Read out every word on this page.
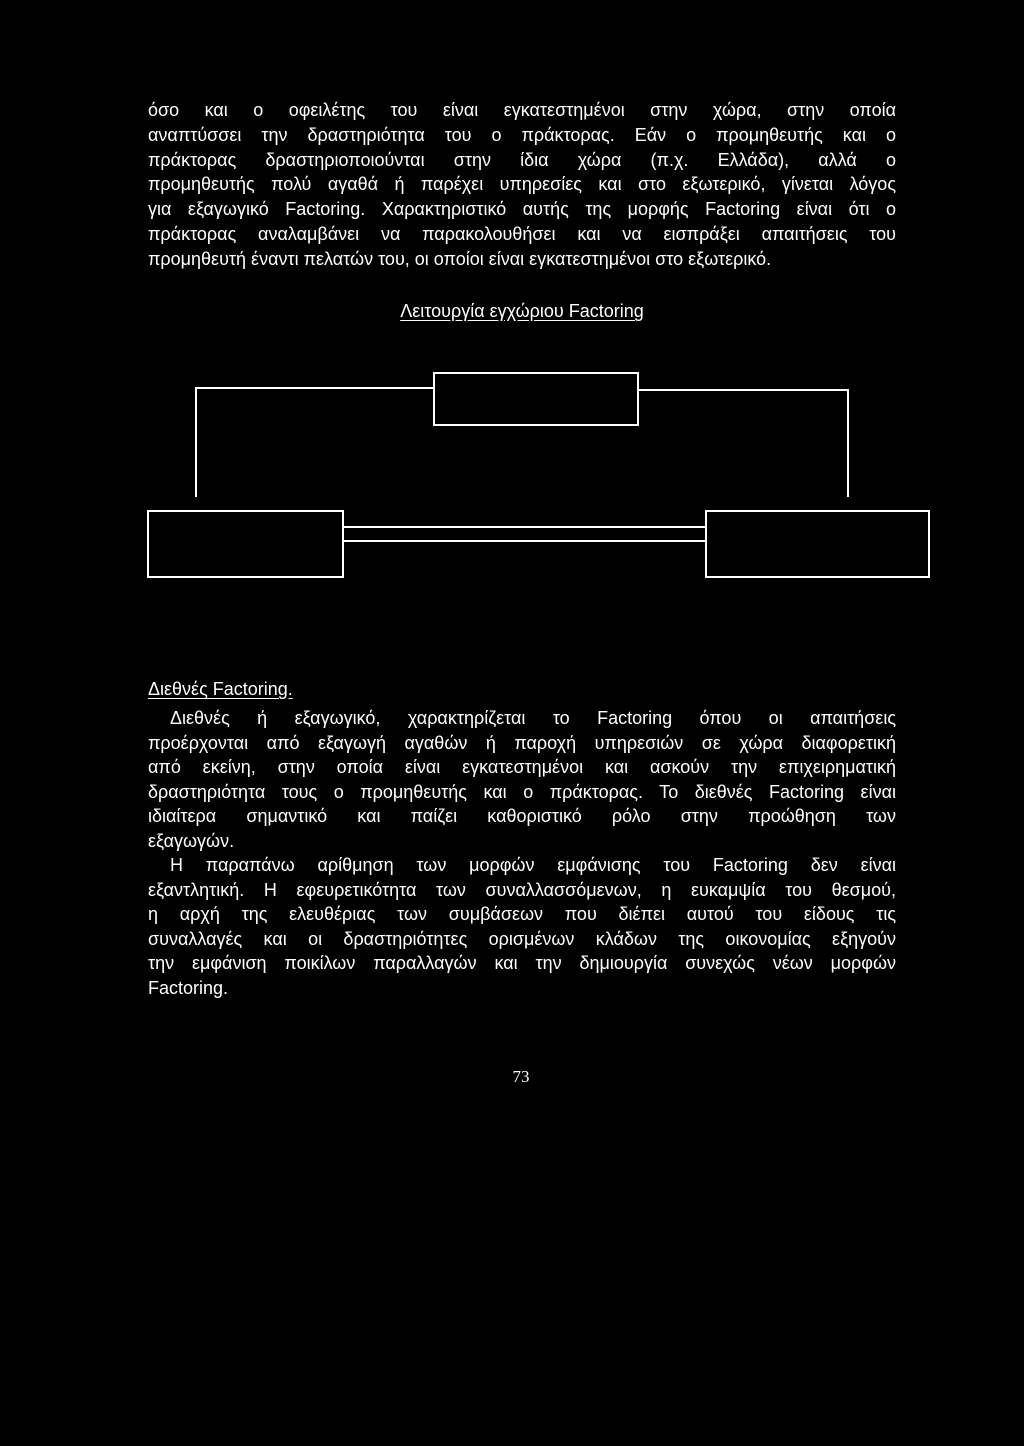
όσο και ο οφειλέτης του είναι εγκατεστημένοι στην χώρα, στην οποία
αναπτύσσει την δραστηριότητα του ο πράκτορας. Εάν ο προμηθευτής και ο
πράκτορας δραστηριοποιούνται στην ίδια χώρα (π.χ. Ελλάδα), αλλά ο
προμηθευτής πολύ αγαθά ή παρέχει υπηρεσίες και στο εξωτερικό, γίνεται λόγος
για εξαγωγικό Factoring. Χαρακτηριστικό αυτής της μορφής Factoring είναι ότι ο
πράκτορας αναλαμβάνει να παρακολουθήσει και να εισπράξει απαιτήσεις του
προμηθευτή έναντι πελατών του, οι οποίοι είναι εγκατεστημένοι στο εξωτερικό.
Λειτουργία εγχώριου Factoring
Διεθνές Factoring.
Διεθνές ή εξαγωγικό, χαρακτηρίζεται το Factoring όπου οι απαιτήσεις
προέρχονται από εξαγωγή αγαθών ή παροχή υπηρεσιών σε χώρα διαφορετική
από εκείνη, στην οποία είναι εγκατεστημένοι και ασκούν την επιχειρηματική
δραστηριότητα τους ο προμηθευτής και ο πράκτορας. Το διεθνές Factoring είναι
ιδιαίτερα σημαντικό και παίζει καθοριστικό ρόλο στην προώθηση των
εξαγωγών.
Η παραπάνω αρίθμηση των μορφών εμφάνισης του Factoring δεν είναι
εξαντλητική. Η εφευρετικότητα των συναλλασσόμενων, η ευκαμψία του θεσμού,
η αρχή της ελευθέριας των συμβάσεων που διέπει αυτού του είδους τις
συναλλαγές και οι δραστηριότητες ορισμένων κλάδων της οικονομίας εξηγούν
την εμφάνιση ποικίλων παραλλαγών και την δημιουργία συνεχώς νέων μορφών
Factoring.
73
